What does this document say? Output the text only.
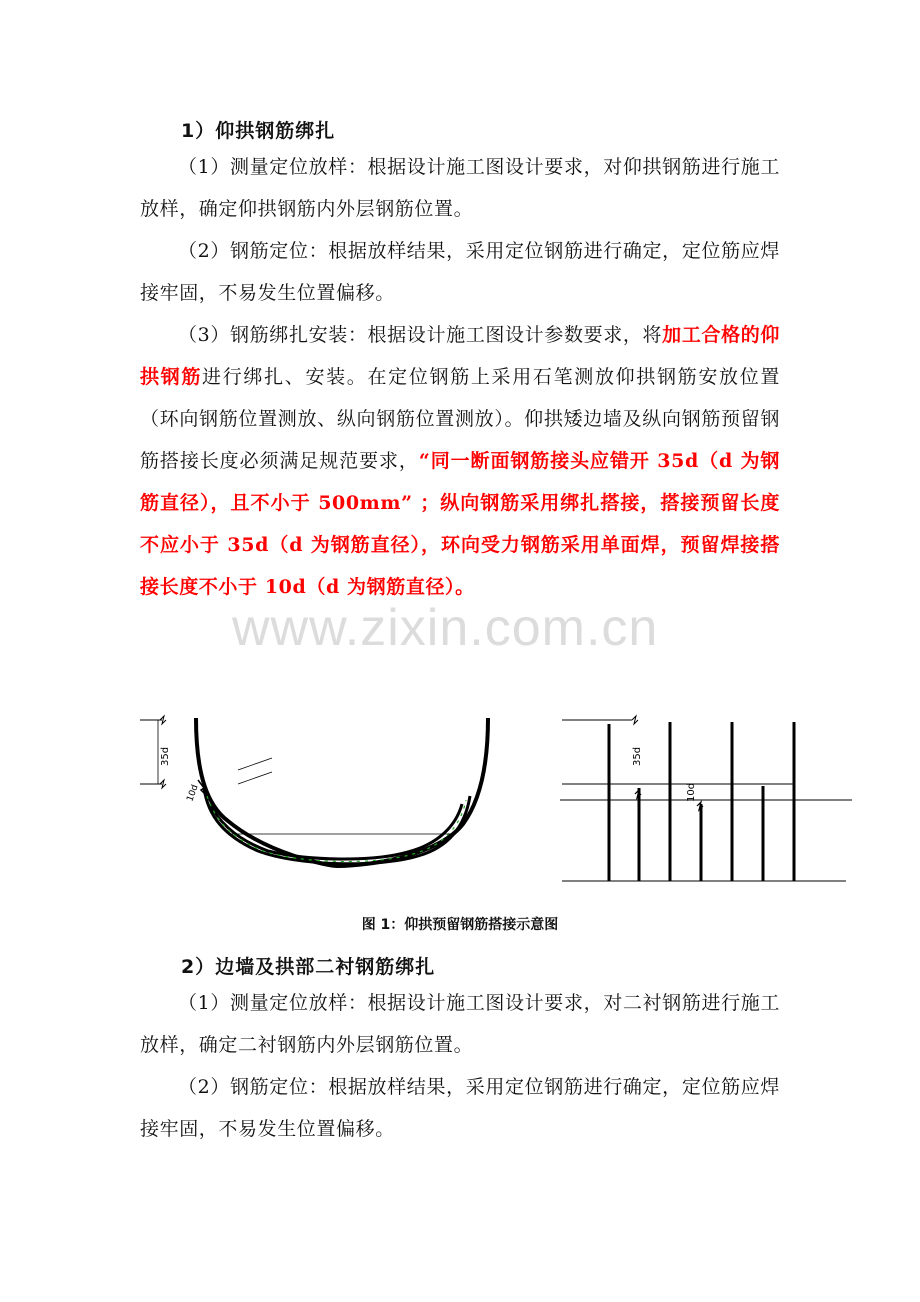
1）仰拱钢筋绑扎
（1）测量定位放样：根据设计施工图设计要求，对仰拱钢筋进行施工放样，确定仰拱钢筋内外层钢筋位置。
（2）钢筋定位：根据放样结果，采用定位钢筋进行确定，定位筋应焊接牢固，不易发生位置偏移。
（3）钢筋绑扎安装：根据设计施工图设计参数要求，将加工合格的仰拱钢筋进行绑扎、安装。在定位钢筋上采用石笔测放仰拱钢筋安放位置（环向钢筋位置测放、纵向钢筋位置测放）。仰拱矮边墙及纵向钢筋预留钢筋搭接长度必须满足规范要求，“同一断面钢筋接头应错开 35d（d 为钢筋直径），且不小于 500mm” ；纵向钢筋采用绑扎搭接，搭接预留长度不应小于 35d（d 为钢筋直径），环向受力钢筋采用单面焊，预留焊接搭接长度不小于 10d（d 为钢筋直径）。
www.zixin.com.cn
35d
10d
35d
10d
图 1：仰拱预留钢筋搭接示意图
2）边墙及拱部二衬钢筋绑扎
（1）测量定位放样：根据设计施工图设计要求，对二衬钢筋进行施工放样，确定二衬钢筋内外层钢筋位置。
（2）钢筋定位：根据放样结果，采用定位钢筋进行确定，定位筋应焊接牢固，不易发生位置偏移。
